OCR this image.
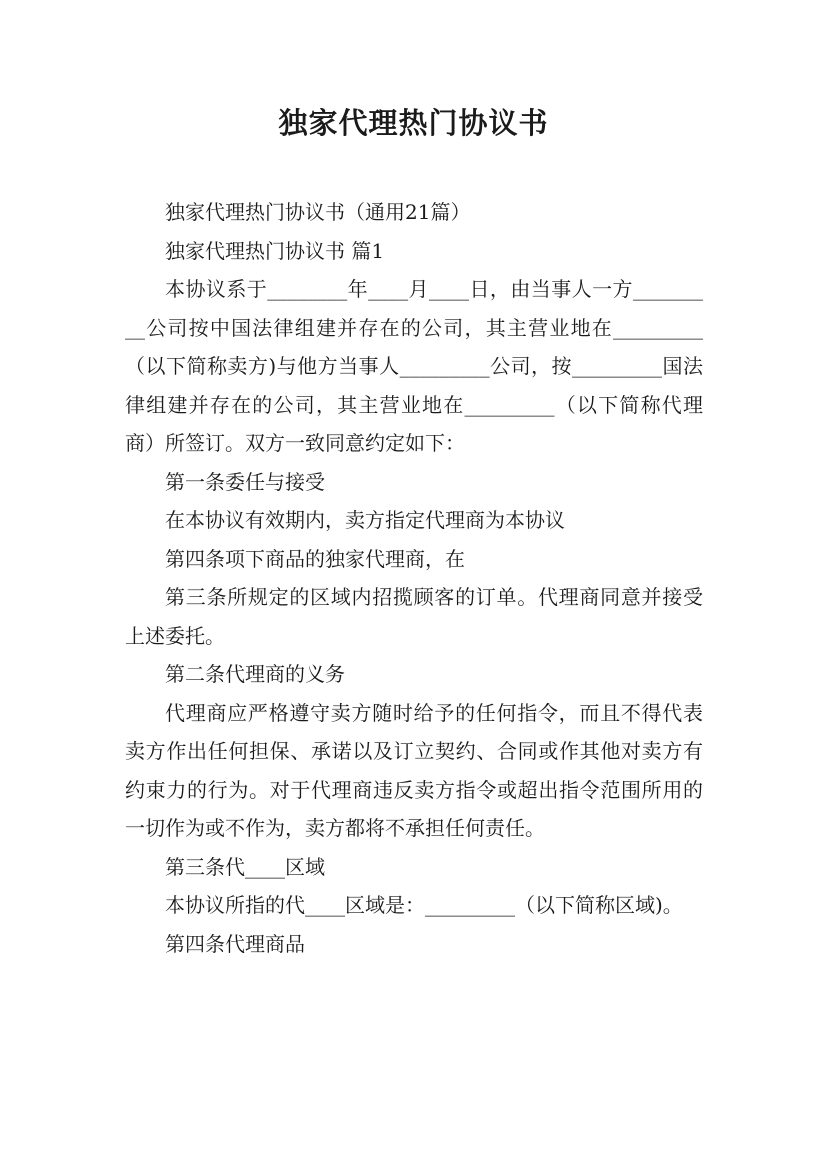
独家代理热门协议书

独家代理热门协议书（通用21篇）

独家代理热门协议书 篇1

本协议系于________年____月____日，由当事人一方_________公司按中国法律组建并存在的公司，其主营业地在_________（以下简称卖方)与他方当事人_________公司，按_________国法律组建并存在的公司，其主营业地在_________（以下简称代理商）所签订。双方一致同意约定如下：

第一条委任与接受

在本协议有效期内，卖方指定代理商为本协议

第四条项下商品的独家代理商，在

第三条所规定的区域内招揽顾客的订单。代理商同意并接受上述委托。

第二条代理商的义务

代理商应严格遵守卖方随时给予的任何指令，而且不得代表卖方作出任何担保、承诺以及订立契约、合同或作其他对卖方有约束力的行为。对于代理商违反卖方指令或超出指令范围所用的一切作为或不作为，卖方都将不承担任何责任。

第三条代____区域

本协议所指的代____区域是：_________（以下简称区域)。

第四条代理商品
